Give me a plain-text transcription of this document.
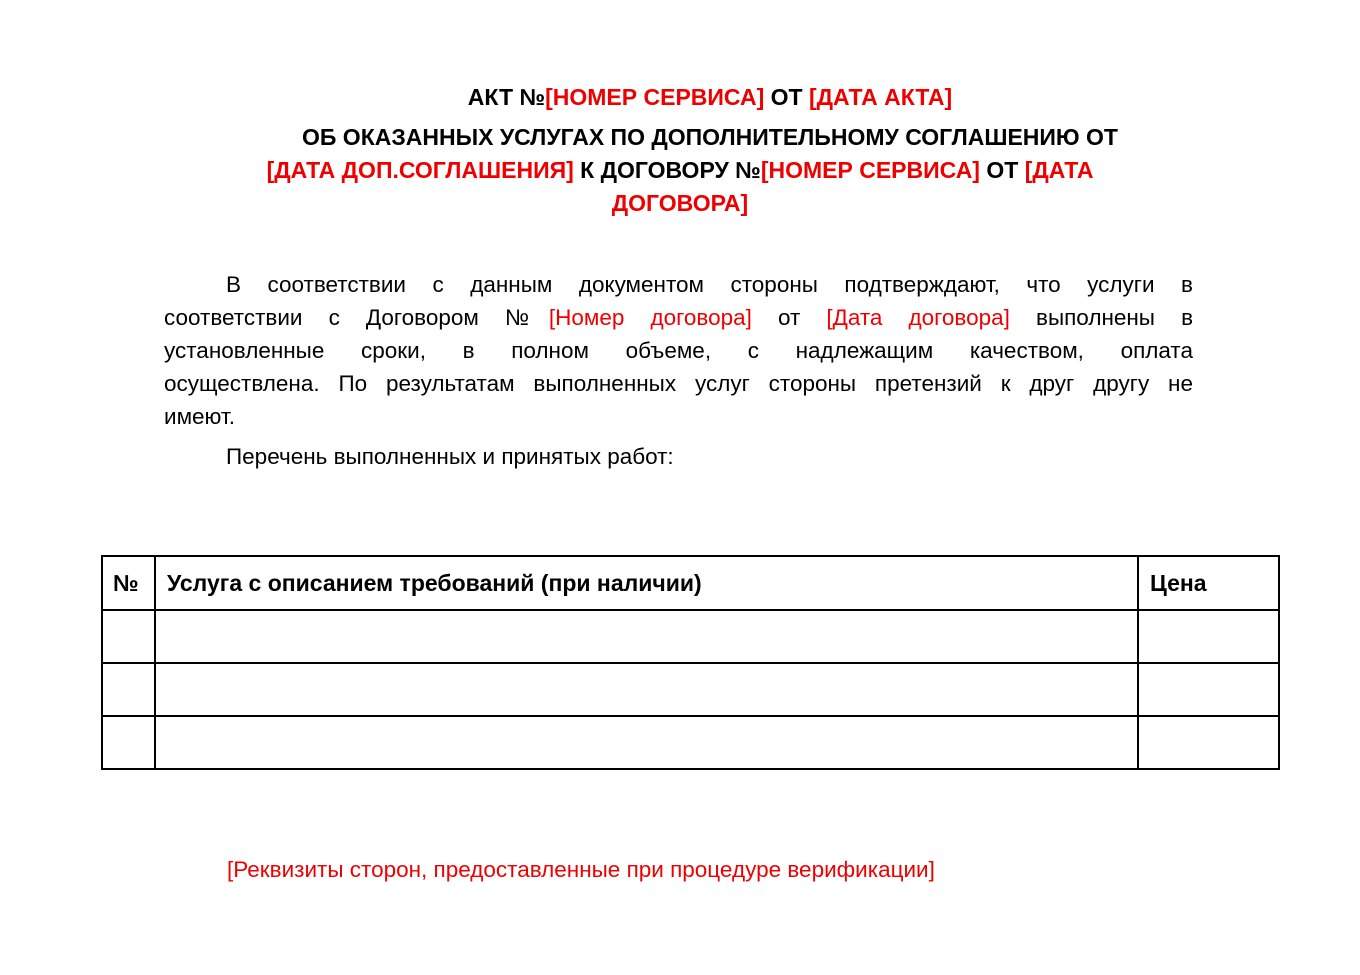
АКТ №[НОМЕР СЕРВИСА] ОТ [ДАТА АКТА]
ОБ ОКАЗАННЫХ УСЛУГАХ ПО ДОПОЛНИТЕЛЬНОМУ СОГЛАШЕНИЮ ОТ
[ДАТА ДОП.СОГЛАШЕНИЯ] К ДОГОВОРУ №[НОМЕР СЕРВИСА] ОТ [ДАТА
ДОГОВОРА]
В соответствии с данным документом стороны подтверждают, что услуги в
соответствии с Договором №[Номер договора] от [Дата договора] выполнены в
установленные сроки, в полном объеме, с надлежащим качеством, оплата
осуществлена. По результатам выполненных услуг стороны претензий к друг другу не
имеют.
Перечень выполненных и принятых работ:
№	Услуга с описанием требований (при наличии)	Цена

[Реквизиты сторон, предоставленные при процедуре верификации]
